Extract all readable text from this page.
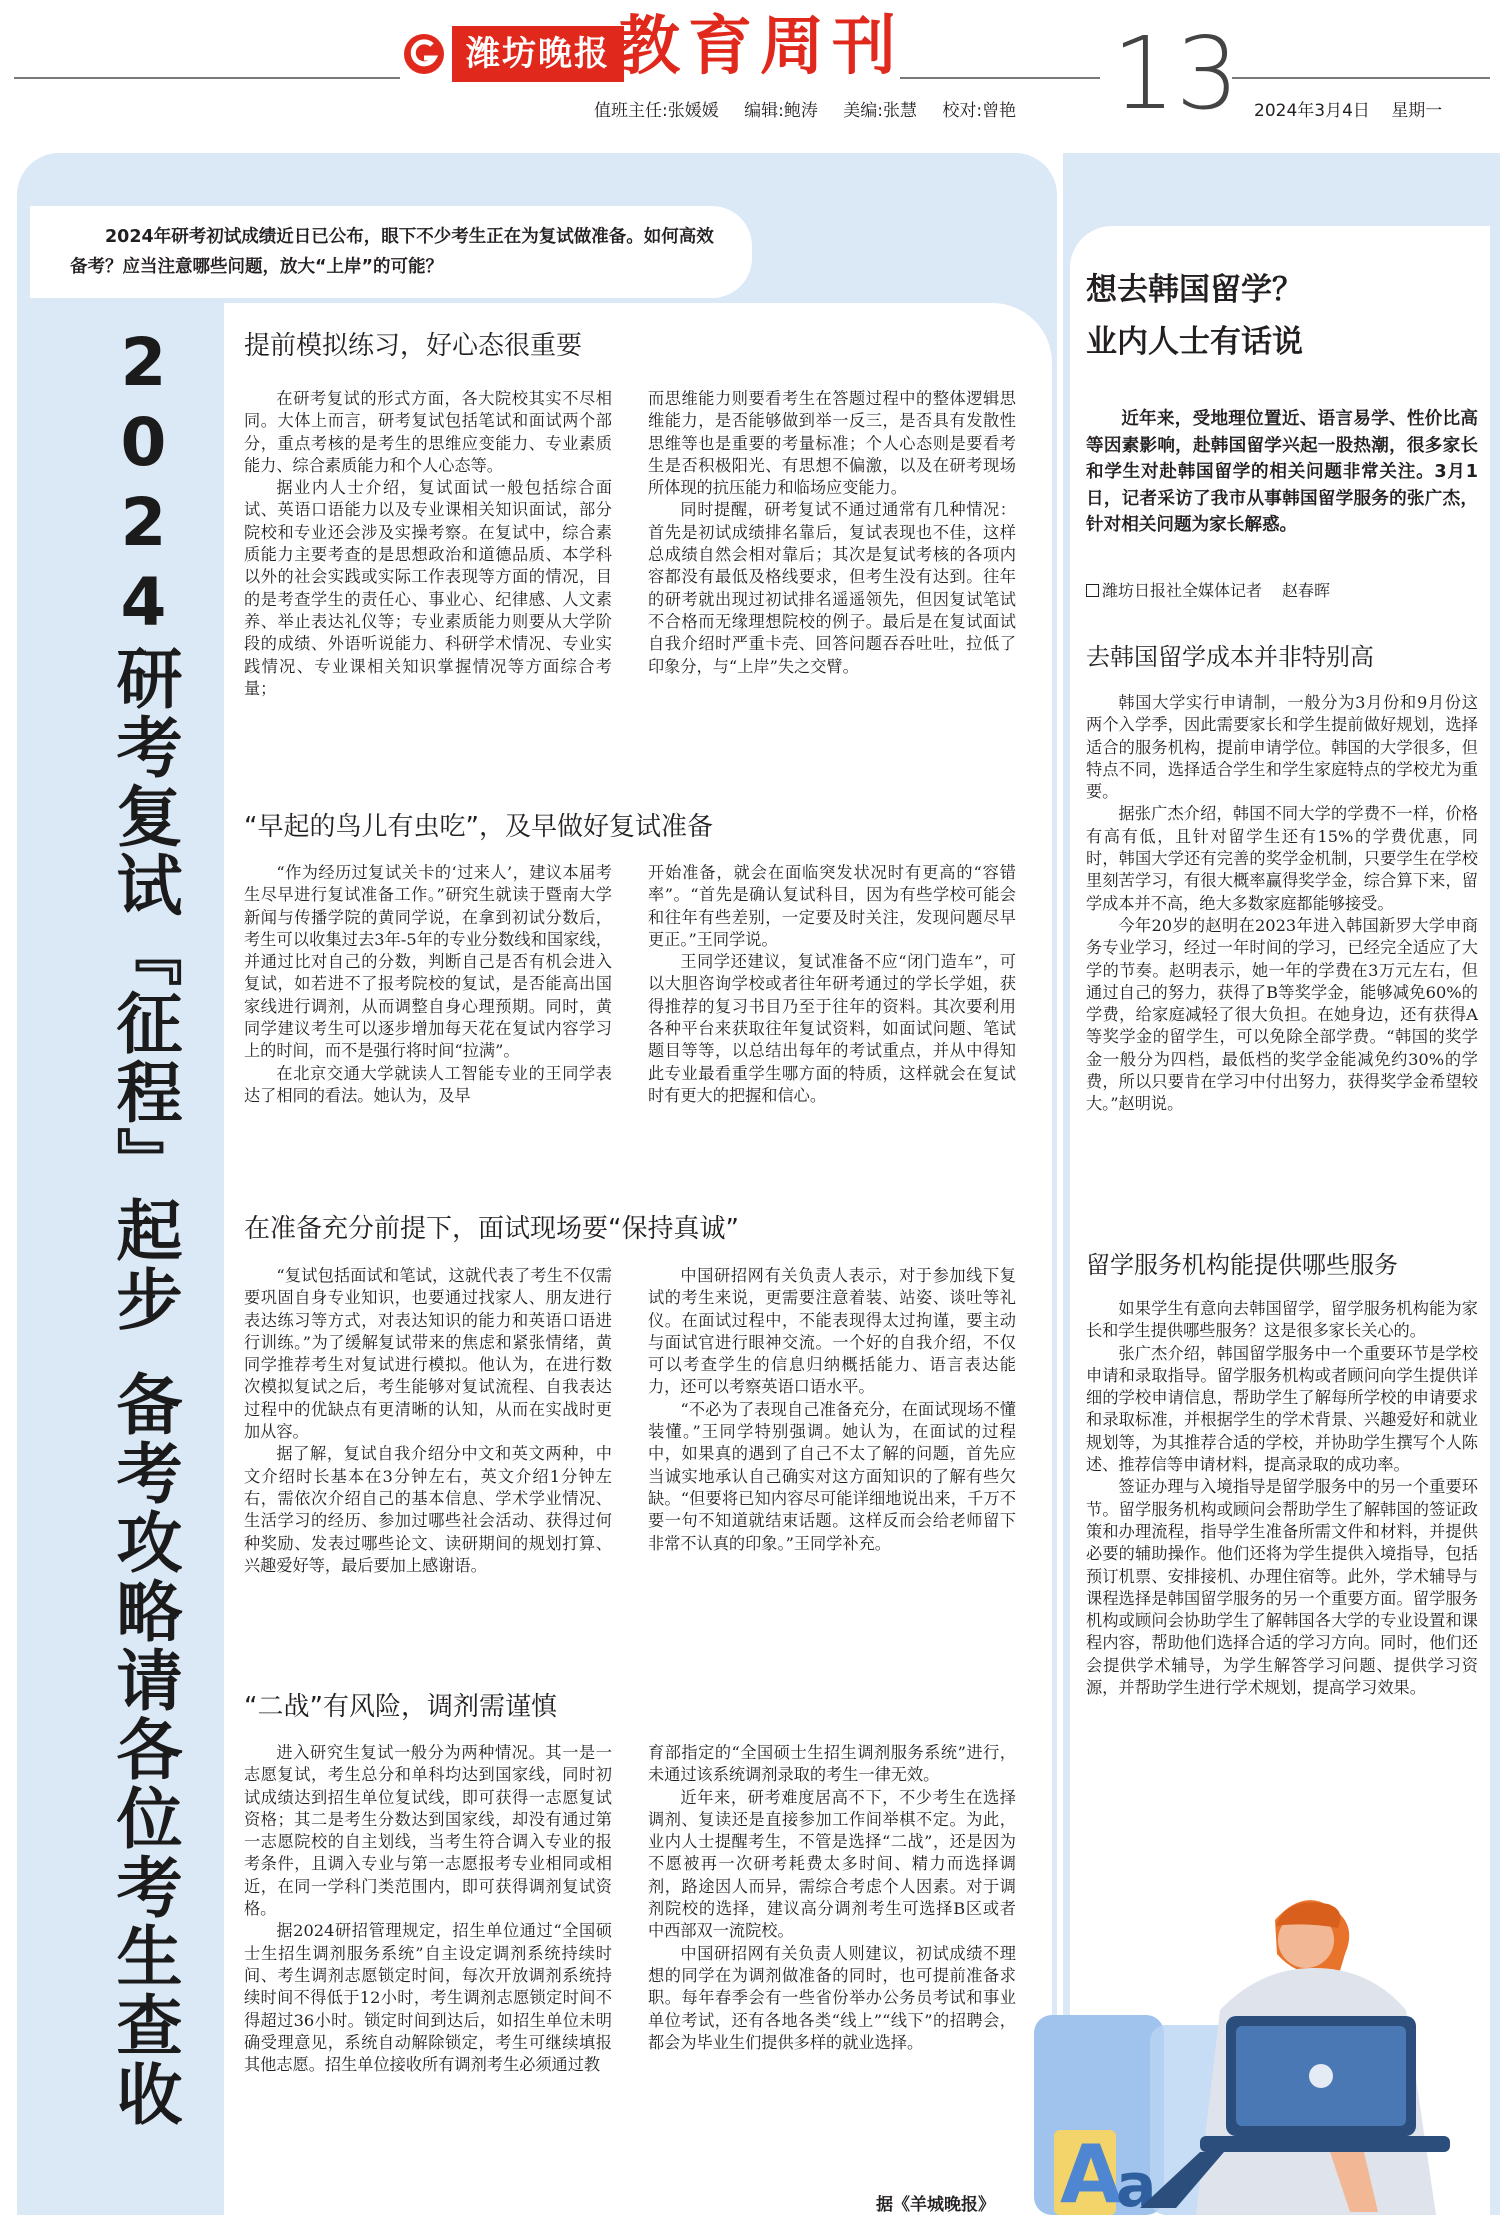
潍坊晚报 教育周刊
值班主任:张媛媛 编辑:鲍涛 美编:张慧 校对:曾艳 13 2024年3月4日 星期一
2024年研考初试成绩近日已公布，眼下不少考生正在为复试做准备。如何高效备考？应当注意哪些问题，放大“上岸”的可能？
2024研考复试『征程』起步备考攻略请各位考生查收
提前模拟练习，好心态很重要

在研考复试的形式方面，各大院校其实不尽相同。大体上而言，研考复试包括笔试和面试两个部分，重点考核的是考生的思维应变能力、专业素质能力、综合素质能力和个人心态等。

据业内人士介绍，复试面试一般包括综合面试、英语口语能力以及专业课相关知识面试，部分院校和专业还会涉及实操考察。在复试中，综合素质能力主要考查的是思想政治和道德品质、本学科以外的社会实践或实际工作表现等方面的情况，目的是考查学生的责任心、事业心、纪律感、人文素养、举止表达礼仪等；专业素质能力则要从大学阶段的成绩、外语听说能力、科研学术情况、专业实践情况、专业课相关知识掌握情况等方面综合考量；

而思维能力则要看考生在答题过程中的整体逻辑思维能力，是否能够做到举一反三，是否具有发散性思维等也是重要的考量标准；个人心态则是要看考生是否积极阳光、有思想不偏激，以及在研考现场所体现的抗压能力和临场应变能力。

同时提醒，研考复试不通过通常有几种情况：首先是初试成绩排名靠后，复试表现也不佳，这样总成绩自然会相对靠后；其次是复试考核的各项内容都没有最低及格线要求，但考生没有达到。往年的研考就出现过初试排名遥遥领先，但因复试笔试不合格而无缘理想院校的例子。最后是在复试面试自我介绍时严重卡壳、回答问题吞吞吐吐，拉低了印象分，与“上岸”失之交臂。

“早起的鸟儿有虫吃”，及早做好复试准备

“作为经历过复试关卡的‘过来人’，建议本届考生尽早进行复试准备工作。”研究生就读于暨南大学新闻与传播学院的黄同学说，在拿到初试分数后，考生可以收集过去3年-5年的专业分数线和国家线，并通过比对自己的分数，判断自己是否有机会进入复试，如若进不了报考院校的复试，是否能高出国家线进行调剂，从而调整自身心理预期。同时，黄同学建议考生可以逐步增加每天花在复试内容学习上的时间，而不是强行将时间“拉满”。

在北京交通大学就读人工智能专业的王同学表达了相同的看法。她认为，及早

开始准备，就会在面临突发状况时有更高的“容错率”。“首先是确认复试科目，因为有些学校可能会和往年有些差别，一定要及时关注，发现问题尽早更正。”王同学说。

王同学还建议，复试准备不应“闭门造车”，可以大胆咨询学校或者往年研考通过的学长学姐，获得推荐的复习书目乃至于往年的资料。其次要利用各种平台来获取往年复试资料，如面试问题、笔试题目等等，以总结出每年的考试重点，并从中得知此专业最看重学生哪方面的特质，这样就会在复试时有更大的把握和信心。

在准备充分前提下，面试现场要“保持真诚”

“复试包括面试和笔试，这就代表了考生不仅需要巩固自身专业知识，也要通过找家人、朋友进行表达练习等方式，对表达知识的能力和英语口语进行训练。”为了缓解复试带来的焦虑和紧张情绪，黄同学推荐考生对复试进行模拟。他认为，在进行数次模拟复试之后，考生能够对复试流程、自我表达过程中的优缺点有更清晰的认知，从而在实战时更加从容。

据了解，复试自我介绍分中文和英文两种，中文介绍时长基本在3分钟左右，英文介绍1分钟左右，需依次介绍自己的基本信息、学术学业情况、生活学习的经历、参加过哪些社会活动、获得过何种奖励、发表过哪些论文、读研期间的规划打算、兴趣爱好等，最后要加上感谢语。

中国研招网有关负责人表示，对于参加线下复试的考生来说，更需要注意着装、站姿、谈吐等礼仪。在面试过程中，不能表现得太过拘谨，要主动与面试官进行眼神交流。一个好的自我介绍，不仅可以考查学生的信息归纳概括能力、语言表达能力，还可以考察英语口语水平。

“不必为了表现自己准备充分，在面试现场不懂装懂。”王同学特别强调。她认为，在面试的过程中，如果真的遇到了自己不太了解的问题，首先应当诚实地承认自己确实对这方面知识的了解有些欠缺。“但要将已知内容尽可能详细地说出来，千万不要一句不知道就结束话题。这样反而会给老师留下非常不认真的印象。”王同学补充。

“二战”有风险，调剂需谨慎

进入研究生复试一般分为两种情况。其一是一志愿复试，考生总分和单科均达到国家线，同时初试成绩达到招生单位复试线，即可获得一志愿复试资格；其二是考生分数达到国家线，却没有通过第一志愿院校的自主划线，当考生符合调入专业的报考条件，且调入专业与第一志愿报考专业相同或相近，在同一学科门类范围内，即可获得调剂复试资格。

据2024研招管理规定，招生单位通过“全国硕士生招生调剂服务系统”自主设定调剂系统持续时间、考生调剂志愿锁定时间，每次开放调剂系统持续时间不得低于12小时，考生调剂志愿锁定时间不得超过36小时。锁定时间到达后，如招生单位未明确受理意见，系统自动解除锁定，考生可继续填报其他志愿。招生单位接收所有调剂考生必须通过教

育部指定的“全国硕士生招生调剂服务系统”进行，未通过该系统调剂录取的考生一律无效。

近年来，研考难度居高不下，不少考生在选择调剂、复读还是直接参加工作间举棋不定。为此，业内人士提醒考生，不管是选择“二战”，还是因为不愿被再一次研考耗费太多时间、精力而选择调剂，路途因人而异，需综合考虑个人因素。对于调剂院校的选择，建议高分调剂考生可选择B区或者中西部双一流院校。

中国研招网有关负责人则建议，初试成绩不理想的同学在为调剂做准备的同时，也可提前准备求职。每年春季会有一些省份举办公务员考试和事业单位考试，还有各地各类“线上”“线下”的招聘会，都会为毕业生们提供多样的就业选择。

据《羊城晚报》
想去韩国留学？
业内人士有话说

近年来，受地理位置近、语言易学、性价比高等因素影响，赴韩国留学兴起一股热潮，很多家长和学生对赴韩国留学的相关问题非常关注。3月1日，记者采访了我市从事韩国留学服务的张广杰，针对相关问题为家长解惑。

潍坊日报社全媒体记者 赵春晖
去韩国留学成本并非特别高

韩国大学实行申请制，一般分为3月份和9月份这两个入学季，因此需要家长和学生提前做好规划，选择适合的服务机构，提前申请学位。韩国的大学很多，但特点不同，选择适合学生和学生家庭特点的学校尤为重要。

据张广杰介绍，韩国不同大学的学费不一样，价格有高有低，且针对留学生还有15%的学费优惠，同时，韩国大学还有完善的奖学金机制，只要学生在学校里刻苦学习，有很大概率赢得奖学金，综合算下来，留学成本并不高，绝大多数家庭都能够接受。

今年20岁的赵明在2023年进入韩国新罗大学申商务专业学习，经过一年时间的学习，已经完全适应了大学的节奏。赵明表示，她一年的学费在3万元左右，但通过自己的努力，获得了B等奖学金，能够减免60%的学费，给家庭减轻了很大负担。在她身边，还有获得A等奖学金的留学生，可以免除全部学费。“韩国的奖学金一般分为四档，最低档的奖学金能减免约30%的学费，所以只要肯在学习中付出努力，获得奖学金希望较大。”赵明说。

留学服务机构能提供哪些服务

如果学生有意向去韩国留学，留学服务机构能为家长和学生提供哪些服务？这是很多家长关心的。

张广杰介绍，韩国留学服务中一个重要环节是学校申请和录取指导。留学服务机构或者顾问向学生提供详细的学校申请信息，帮助学生了解每所学校的申请要求和录取标准，并根据学生的学术背景、兴趣爱好和就业规划等，为其推荐合适的学校，并协助学生撰写个人陈述、推荐信等申请材料，提高录取的成功率。

签证办理与入境指导是留学服务中的另一个重要环节。留学服务机构或顾问会帮助学生了解韩国的签证政策和办理流程，指导学生准备所需文件和材料，并提供必要的辅助操作。他们还将为学生提供入境指导，包括预订机票、安排接机、办理住宿等。此外，学术辅导与课程选择是韩国留学服务的另一个重要方面。留学服务机构或顾问会协助学生了解韩国各大学的专业设置和课程内容，帮助他们选择合适的学习方向。同时，他们还会提供学术辅导，为学生解答学习问题、提供学习资源，并帮助学生进行学术规划，提高学习效果。

A
a
